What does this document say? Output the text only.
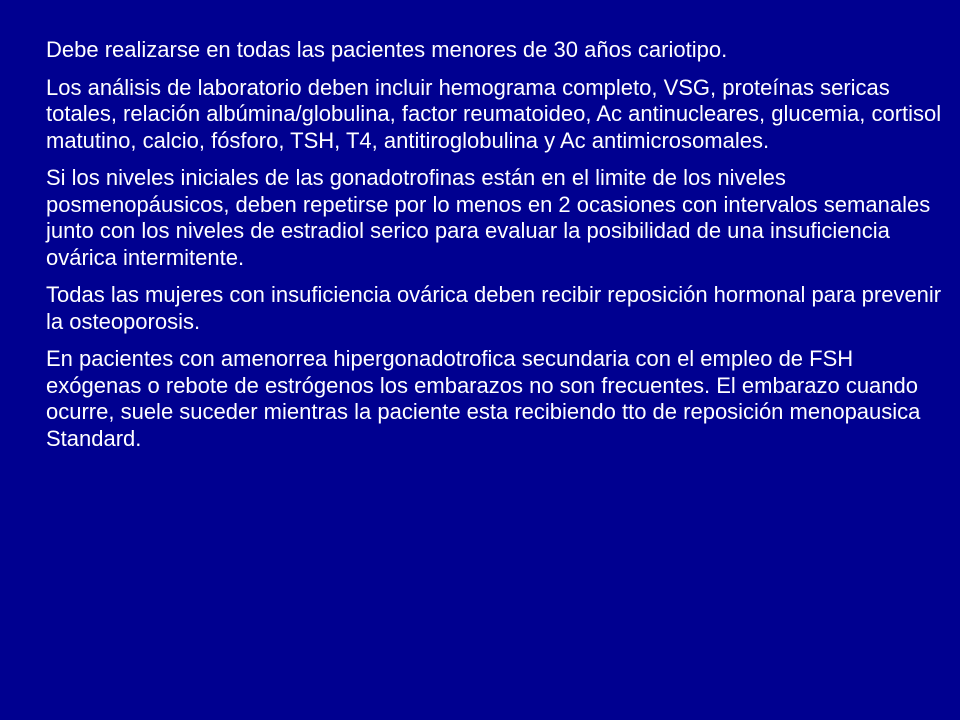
Debe realizarse en todas las pacientes menores de 30 años cariotipo.

Los análisis de laboratorio deben incluir hemograma completo, VSG, proteínas sericas totales, relación albúmina/globulina, factor reumatoideo, Ac antinucleares, glucemia, cortisol matutino, calcio, fósforo, TSH, T4, antitiroglobulina y Ac antimicrosomales.

Si los niveles iniciales de las gonadotrofinas están en el limite de los niveles posmenopáusicos, deben repetirse por lo menos en 2 ocasiones con intervalos semanales junto con los niveles de estradiol serico para evaluar la posibilidad de una insuficiencia ovárica intermitente.

Todas las mujeres con insuficiencia ovárica deben recibir reposición hormonal para prevenir la osteoporosis.

En pacientes con amenorrea hipergonadotrofica secundaria con el empleo de FSH exógenas o rebote de estrógenos los embarazos no son frecuentes. El embarazo cuando ocurre, suele suceder mientras la paciente esta recibiendo tto de reposición menopausica Standard.
